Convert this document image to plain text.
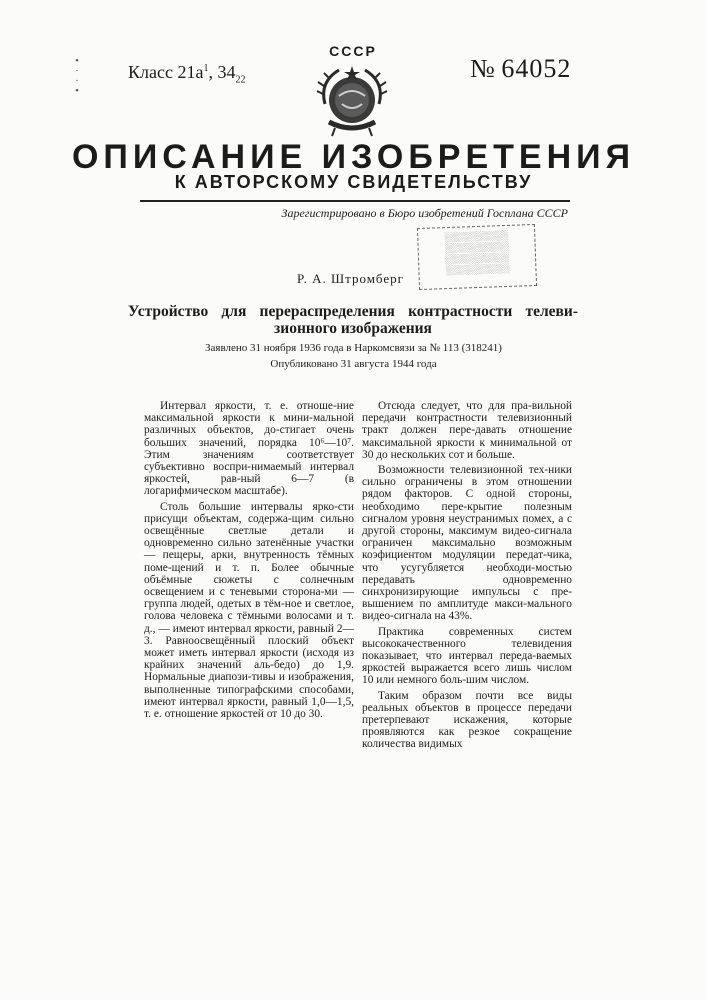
•
·
·
•
СССР
Класс $21a^1$, $34_{22}$	№ 64052
ОПИСАНИЕ ИЗОБРЕТЕНИЯ
К АВТОРСКОМУ СВИДЕТЕЛЬСТВУ
Зарегистрировано в Бюро изобретений Госплана СССР
░░░░░░░░░░
░░░░░░░░░░
░░░░░░░░░░
░░░░░░░░░░
Р. А. Штромберг

Устройство для перераспределения контрастности телеви-

зионного изображения

Заявлено 31 ноября 1936 года в Наркомсвязи за № 113 (318241)

Опубликовано 31 августа 1944 года

Интервал яркости, т. е. отноше-ние максимальной яркости к мини-мальной различных объектов, до-стигает очень больших значений, порядка 10⁶—10⁷. Этим значениям соответствует субъективно воспри-нимаемый интервал яркостей, рав-ный 6—7 (в логарифмическом масштабе).

Столь большие интервалы ярко-сти присущи объектам, содержа-щим сильно освещённые светлые детали и одновременно сильно затенённые участки — пещеры, арки, внутренность тёмных поме-щений и т. п. Более обычные объёмные сюжеты с солнечным освещением и с теневыми сторона-ми — группа людей, одетых в тём-ное и светлое, голова человека с тёмными волосами и т. д., — имеют интервал яркости, равный 2—3. Равноосвещённый плоский объект может иметь интервал яркости (исходя из крайних значений аль-бедо) до 1,9. Нормальные диапози-тивы и изображения, выполненные типографскими способами, имеют интервал яркости, равный 1,0—1,5, т. е. отношение яркостей от 10 до 30.

Отсюда следует, что для пра-вильной передачи контрастности телевизионный тракт должен пере-давать отношение максимальной яркости к минимальной от 30 до нескольких сот и больше.

Возможности телевизионной тех-ники сильно ограничены в этом отношении рядом факторов. С одной стороны, необходимо пере-крытие полезным сигналом уровня неустранимых помех, а с другой стороны, максимум видео-сигнала ограничен максимально возможным коэфициентом модуляции передат-чика, что усугубляется необходи-мостью передавать одновременно синхронизирующие импульсы с пре-вышением по амплитуде макси-мального видео-сигнала на 43%.

Практика современных систем высококачественного телевидения показывает, что интервал переда-ваемых яркостей выражается всего лишь числом 10 или немного боль-шим числом.

Таким образом почти все виды реальных объектов в процессе передачи претерпевают искажения, которые проявляются как резкое сокращение количества видимых
